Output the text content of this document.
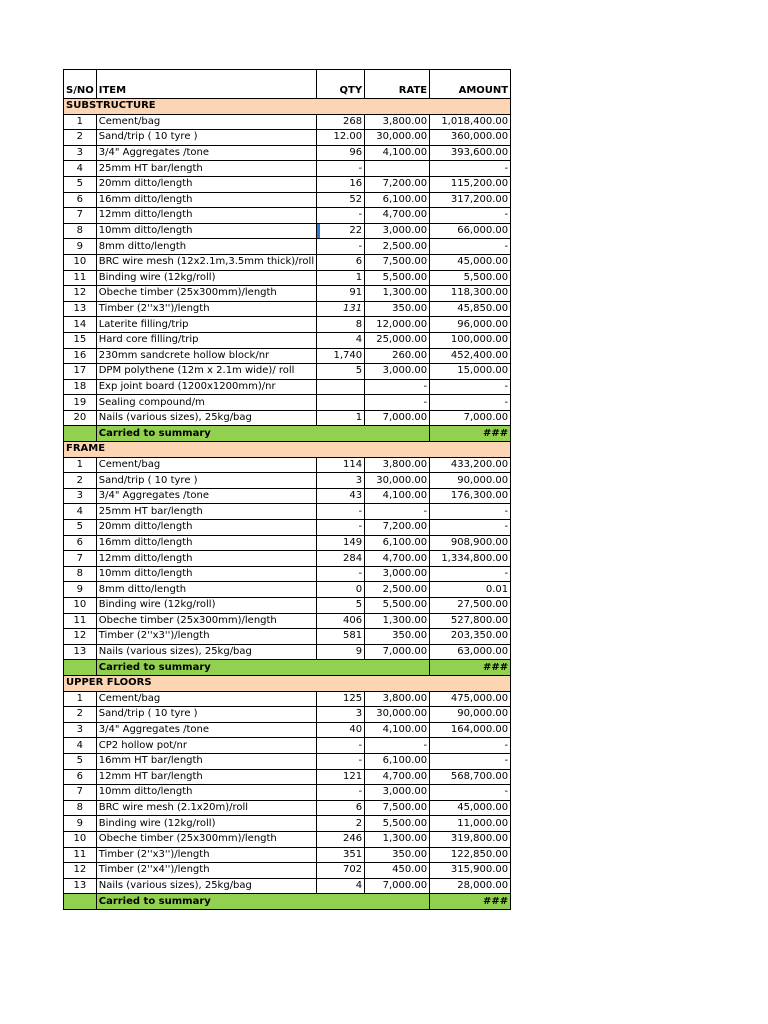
S/NO	ITEM	QTY	RATE	AMOUNT
SUBSTRUCTURE				
1	Cement/bag	268	3,800.00	1,018,400.00
2	Sand/trip ( 10 tyre )	12.00	30,000.00	360,000.00
3	3/4" Aggregates /tone	96	4,100.00	393,600.00
4	25mm HT bar/length	-		-
5	20mm ditto/length	16	7,200.00	115,200.00
6	16mm ditto/length	52	6,100.00	317,200.00
7	12mm ditto/length	-	4,700.00	-
8	10mm ditto/length	22	3,000.00	66,000.00
9	8mm ditto/length	-	2,500.00	-
10	BRC wire mesh (12x2.1m,3.5mm thick)/roll	6	7,500.00	45,000.00
11	Binding wire (12kg/roll)	1	5,500.00	5,500.00
12	Obeche timber (25x300mm)/length	91	1,300.00	118,300.00
13	Timber (2''x3'')/length	131	350.00	45,850.00
14	Laterite filling/trip	8	12,000.00	96,000.00
15	Hard core filling/trip	4	25,000.00	100,000.00
16	230mm sandcrete hollow block/nr	1,740	260.00	452,400.00
17	DPM polythene (12m x 2.1m wide)/ roll	5	3,000.00	15,000.00
18	Exp joint board (1200x1200mm)/nr		-	-
19	Sealing compound/m		-	-
20	Nails (various sizes), 25kg/bag	1	7,000.00	7,000.00
	Carried to summary			###
FRAME				
1	Cement/bag	114	3,800.00	433,200.00
2	Sand/trip ( 10 tyre )	3	30,000.00	90,000.00
3	3/4" Aggregates /tone	43	4,100.00	176,300.00
4	25mm HT bar/length	-	-	-
5	20mm ditto/length	-	7,200.00	-
6	16mm ditto/length	149	6,100.00	908,900.00
7	12mm ditto/length	284	4,700.00	1,334,800.00
8	10mm ditto/length	-	3,000.00	-
9	8mm ditto/length	0	2,500.00	0.01
10	Binding wire (12kg/roll)	5	5,500.00	27,500.00
11	Obeche timber (25x300mm)/length	406	1,300.00	527,800.00
12	Timber (2''x3'')/length	581	350.00	203,350.00
13	Nails (various sizes), 25kg/bag	9	7,000.00	63,000.00
	Carried to summary			###
UPPER FLOORS				
1	Cement/bag	125	3,800.00	475,000.00
2	Sand/trip ( 10 tyre )	3	30,000.00	90,000.00
3	3/4" Aggregates /tone	40	4,100.00	164,000.00
4	CP2 hollow pot/nr	-	-	-
5	16mm HT bar/length	-	6,100.00	-
6	12mm HT bar/length	121	4,700.00	568,700.00
7	10mm ditto/length	-	3,000.00	-
8	BRC wire mesh (2.1x20m)/roll	6	7,500.00	45,000.00
9	Binding wire (12kg/roll)	2	5,500.00	11,000.00
10	Obeche timber (25x300mm)/length	246	1,300.00	319,800.00
11	Timber (2''x3'')/length	351	350.00	122,850.00
12	Timber (2''x4'')/length	702	450.00	315,900.00
13	Nails (various sizes), 25kg/bag	4	7,000.00	28,000.00
	Carried to summary			###
